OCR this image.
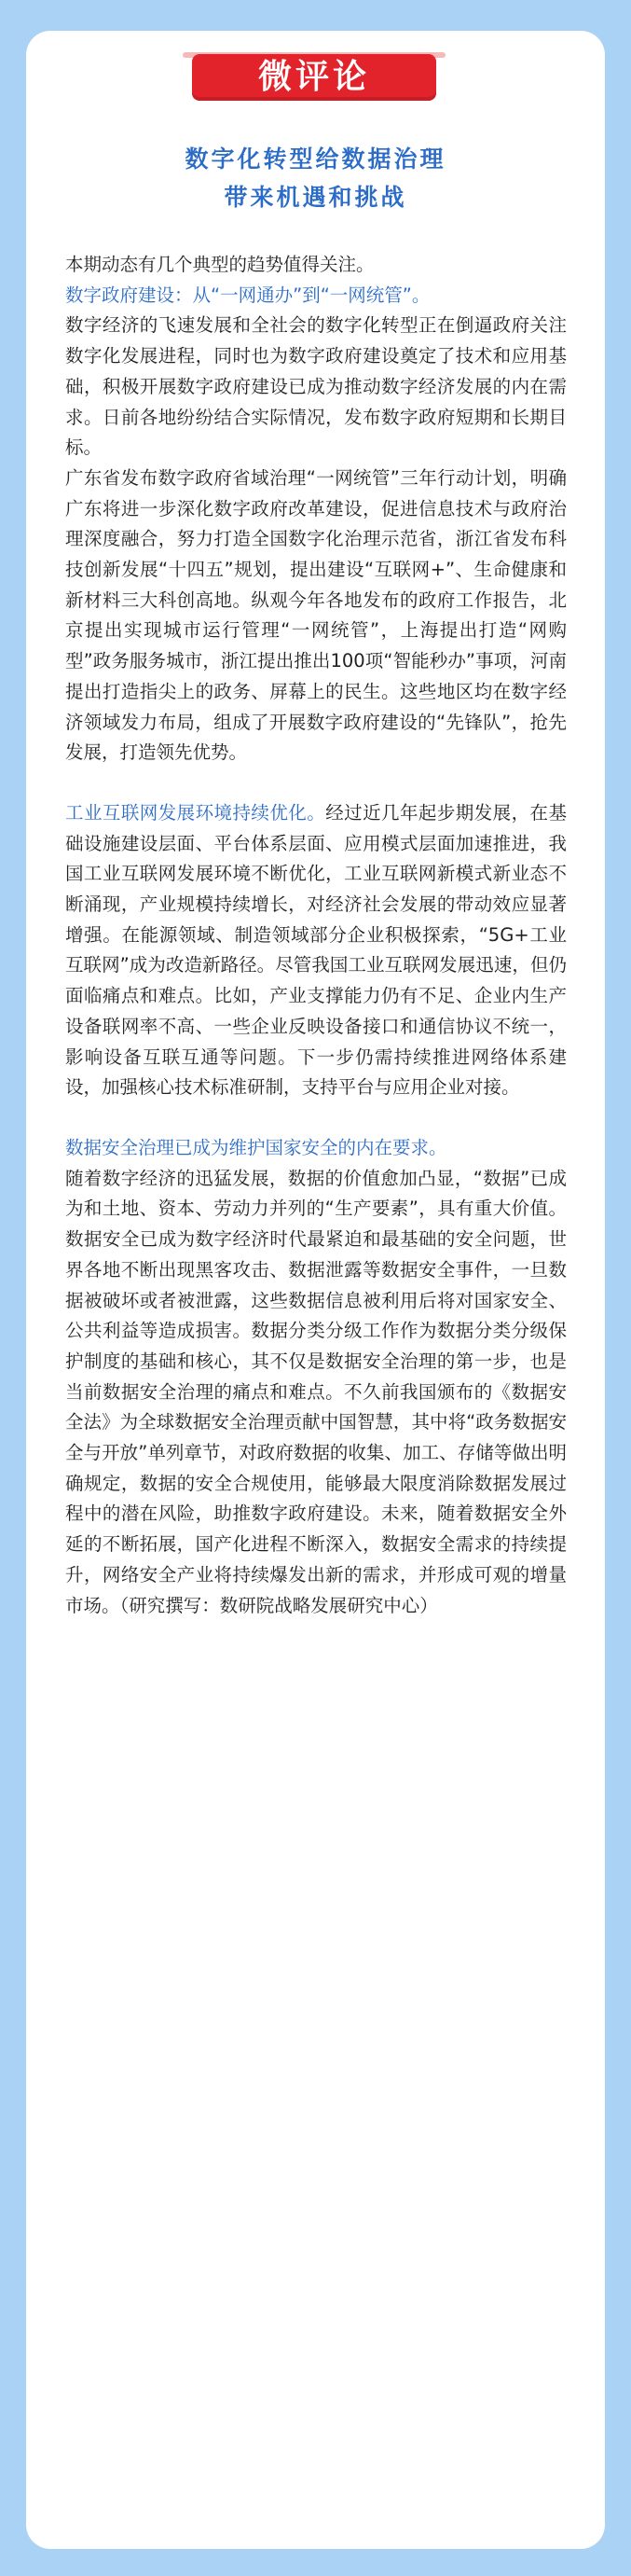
微评论
数字化转型给数据治理
带来机遇和挑战

本期动态有几个典型的趋势值得关注。

数字政府建设：从“一网通办”到“一网统管”。

数字经济的飞速发展和全社会的数字化转型正在倒逼政府关注数字化发展进程，同时也为数字政府建设奠定了技术和应用基础，积极开展数字政府建设已成为推动数字经济发展的内在需求。日前各地纷纷结合实际情况，发布数字政府短期和长期目标。

广东省发布数字政府省域治理“一网统管”三年行动计划，明确广东将进一步深化数字政府改革建设，促进信息技术与政府治理深度融合，努力打造全国数字化治理示范省，浙江省发布科技创新发展“十四五”规划，提出建设“互联网+”、生命健康和新材料三大科创高地。纵观今年各地发布的政府工作报告，北京提出实现城市运行管理“一网统管”，上海提出打造“网购型”政务服务城市，浙江提出推出100项“智能秒办”事项，河南提出打造指尖上的政务、屏幕上的民生。这些地区均在数字经济领域发力布局，组成了开展数字政府建设的“先锋队”，抢先发展，打造领先优势。

工业互联网发展环境持续优化。经过近几年起步期发展，在基础设施建设层面、平台体系层面、应用模式层面加速推进，我国工业互联网发展环境不断优化，工业互联网新模式新业态不断涌现，产业规模持续增长，对经济社会发展的带动效应显著增强。在能源领域、制造领域部分企业积极探索，“5G+工业互联网”成为改造新路径。尽管我国工业互联网发展迅速，但仍面临痛点和难点。比如，产业支撑能力仍有不足、企业内生产设备联网率不高、一些企业反映设备接口和通信协议不统一，影响设备互联互通等问题。下一步仍需持续推进网络体系建设，加强核心技术标准研制，支持平台与应用企业对接。

数据安全治理已成为维护国家安全的内在要求。

随着数字经济的迅猛发展，数据的价值愈加凸显，“数据”已成为和土地、资本、劳动力并列的“生产要素”，具有重大价值。数据安全已成为数字经济时代最紧迫和最基础的安全问题，世界各地不断出现黑客攻击、数据泄露等数据安全事件，一旦数据被破坏或者被泄露，这些数据信息被利用后将对国家安全、公共利益等造成损害。数据分类分级工作作为数据分类分级保护制度的基础和核心，其不仅是数据安全治理的第一步，也是当前数据安全治理的痛点和难点。不久前我国颁布的《数据安全法》为全球数据安全治理贡献中国智慧，其中将“政务数据安全与开放”单列章节，对政府数据的收集、加工、存储等做出明确规定，数据的安全合规使用，能够最大限度消除数据发展过程中的潜在风险，助推数字政府建设。未来，随着数据安全外延的不断拓展，国产化进程不断深入，数据安全需求的持续提升，网络安全产业将持续爆发出新的需求，并形成可观的增量市场。（研究撰写：数研院战略发展研究中心）
